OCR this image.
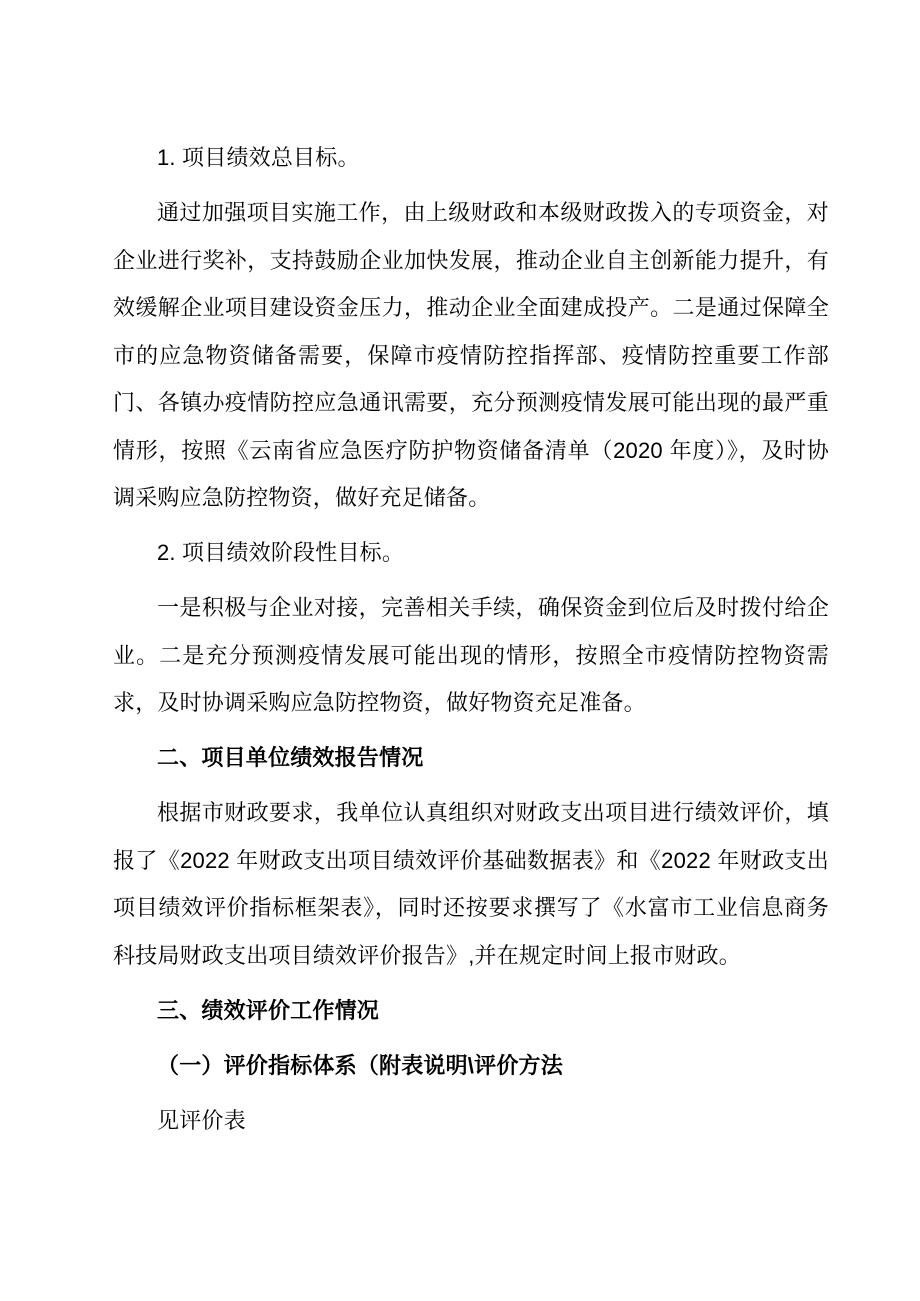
1. 项目绩效总目标。

通过加强项目实施工作，由上级财政和本级财政拨入的专项资金，对企业进行奖补，支持鼓励企业加快发展，推动企业自主创新能力提升，有效缓解企业项目建设资金压力，推动企业全面建成投产。二是通过保障全市的应急物资储备需要，保障市疫情防控指挥部、疫情防控重要工作部门、各镇办疫情防控应急通讯需要，充分预测疫情发展可能出现的最严重情形，按照《云南省应急医疗防护物资储备清单（2020 年度）》，及时协调采购应急防控物资，做好充足储备。

2. 项目绩效阶段性目标。

一是积极与企业对接，完善相关手续，确保资金到位后及时拨付给企业。二是充分预测疫情发展可能出现的情形，按照全市疫情防控物资需求，及时协调采购应急防控物资，做好物资充足准备。

二、项目单位绩效报告情况

根据市财政要求，我单位认真组织对财政支出项目进行绩效评价，填报了《2022 年财政支出项目绩效评价基础数据表》和《2022 年财政支出项目绩效评价指标框架表》，同时还按要求撰写了《水富市工业信息商务科技局财政支出项目绩效评价报告》,并在规定时间上报市财政。

三、绩效评价工作情况

（一）评价指标体系（附表说明\评价方法

见评价表
